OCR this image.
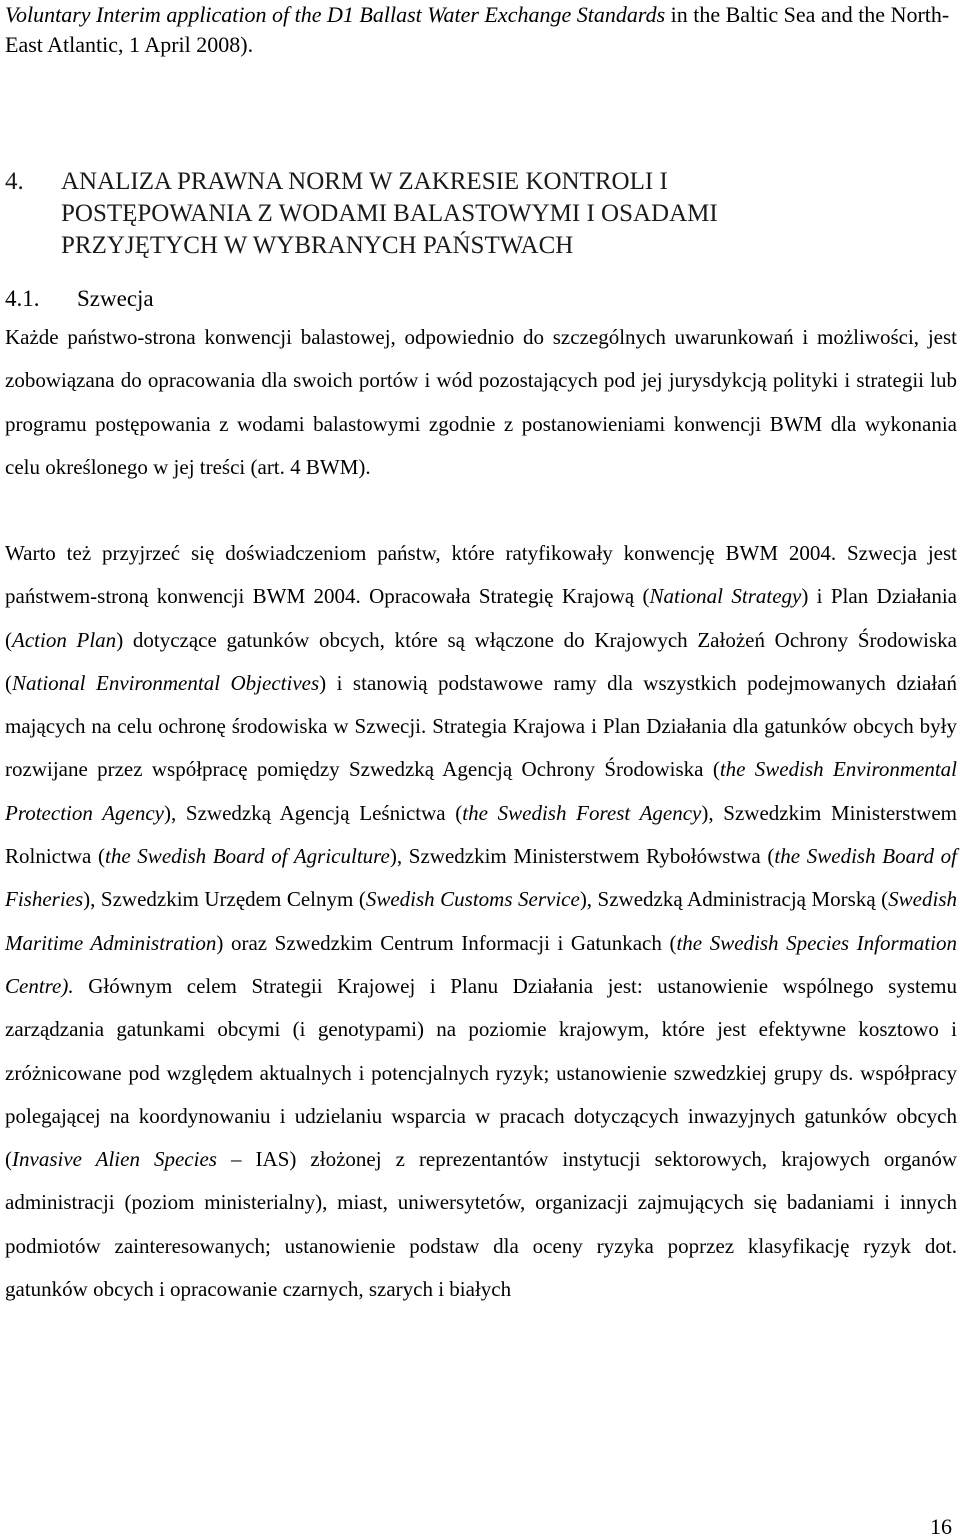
Voluntary Interim application of the D1 Ballast Water Exchange Standards in the Baltic Sea and the North-East Atlantic, 1 April 2008).
4. ANALIZA PRAWNA NORM W ZAKRESIE KONTROLI I
POSTĘPOWANIA Z WODAMI BALASTOWYMI I OSADAMI
PRZYJĘTYCH W WYBRANYCH PAŃSTWACH
4.1. Szwecja
Każde państwo-strona konwencji balastowej, odpowiednio do szczególnych uwarunkowań i możliwości, jest zobowiązana do opracowania dla swoich portów i wód pozostających pod jej jurysdykcją polityki i strategii lub programu postępowania z wodami balastowymi zgodnie z postanowieniami konwencji BWM dla wykonania celu określonego w jej treści (art. 4 BWM).
Warto też przyjrzeć się doświadczeniom państw, które ratyfikowały konwencję BWM 2004. Szwecja jest państwem-stroną konwencji BWM 2004. Opracowała Strategię Krajową (National Strategy) i Plan Działania (Action Plan) dotyczące gatunków obcych, które są włączone do Krajowych Założeń Ochrony Środowiska (National Environmental Objectives) i stanowią podstawowe ramy dla wszystkich podejmowanych działań mających na celu ochronę środowiska w Szwecji. Strategia Krajowa i Plan Działania dla gatunków obcych były rozwijane przez współpracę pomiędzy Szwedzką Agencją Ochrony Środowiska (the Swedish Environmental Protection Agency), Szwedzką Agencją Leśnictwa (the Swedish Forest Agency), Szwedzkim Ministerstwem Rolnictwa (the Swedish Board of Agriculture), Szwedzkim Ministerstwem Rybołówstwa (the Swedish Board of Fisheries), Szwedzkim Urzędem Celnym (Swedish Customs Service), Szwedzką Administracją Morską (Swedish Maritime Administration) oraz Szwedzkim Centrum Informacji i Gatunkach (the Swedish Species Information Centre). Głównym celem Strategii Krajowej i Planu Działania jest: ustanowienie wspólnego systemu zarządzania gatunkami obcymi (i genotypami) na poziomie krajowym, które jest efektywne kosztowo i zróżnicowane pod względem aktualnych i potencjalnych ryzyk; ustanowienie szwedzkiej grupy ds. współpracy polegającej na koordynowaniu i udzielaniu wsparcia w pracach dotyczących inwazyjnych gatunków obcych (Invasive Alien Species – IAS) złożonej z reprezentantów instytucji sektorowych, krajowych organów administracji (poziom ministerialny), miast, uniwersytetów, organizacji zajmujących się badaniami i innych podmiotów zainteresowanych; ustanowienie podstaw dla oceny ryzyka poprzez klasyfikację ryzyk dot. gatunków obcych i opracowanie czarnych, szarych i białych
16
